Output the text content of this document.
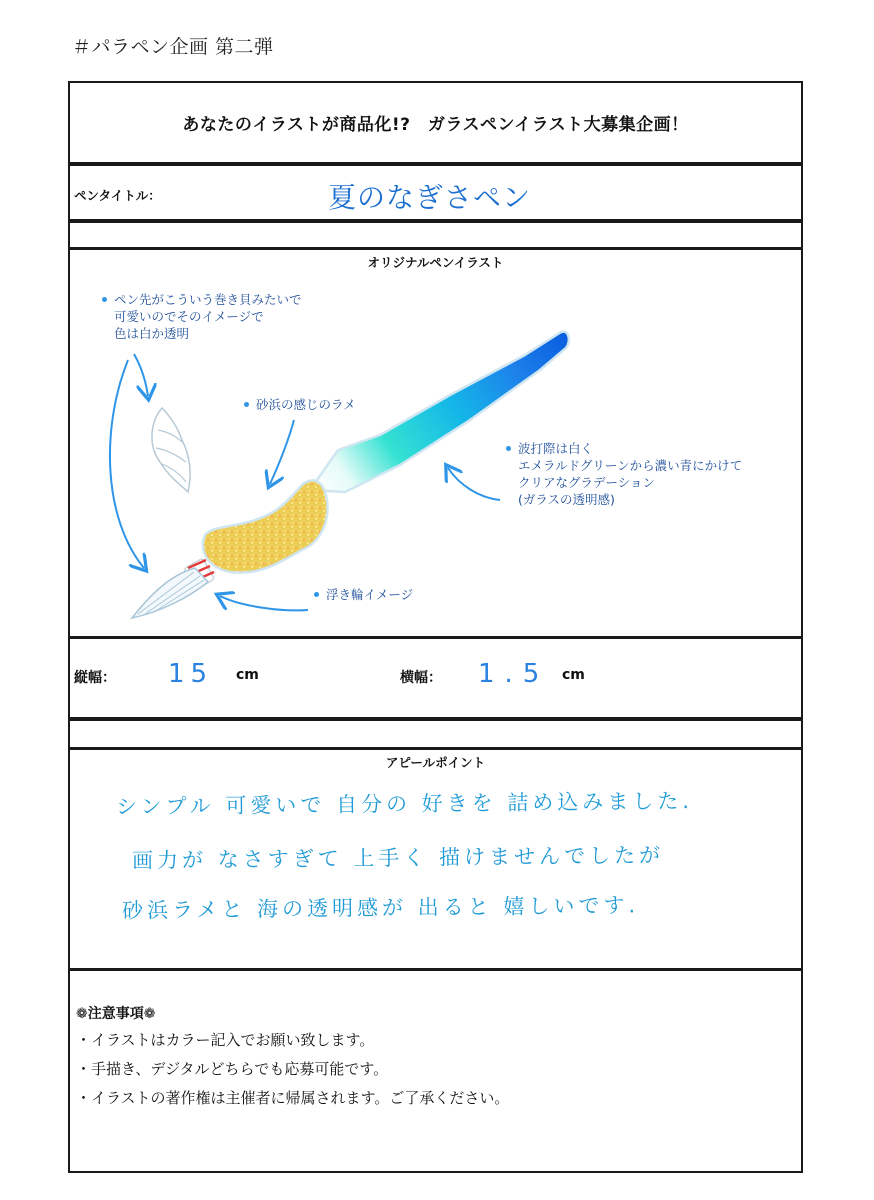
＃パラペン企画 第二弾
あなたのイラストが商品化!?　ガラスペンイラスト大募集企画！
ペンタイトル：	夏のなぎさペン
オリジナルペンイラスト
ペン先がこういう巻き貝みたいで
可愛いのでそのイメージで
色は白か透明
砂浜の感じのラメ
波打際は白く
エメラルドグリーンから濃い青にかけて
クリアなグラデーション
(ガラスの透明感)
浮き輪イメージ
縦幅： 15 cm	横幅： 1.5 cm
アピールポイント
シンプル 可愛いで 自分の 好きを 詰め込みました.
画力が なさすぎて 上手く 描けませんでしたが
砂浜ラメと 海の透明感が 出ると 嬉しいです.
❁注意事項❁
・イラストはカラー記入でお願い致します。
・手描き、デジタルどちらでも応募可能です。
・イラストの著作権は主催者に帰属されます。ご了承ください。
